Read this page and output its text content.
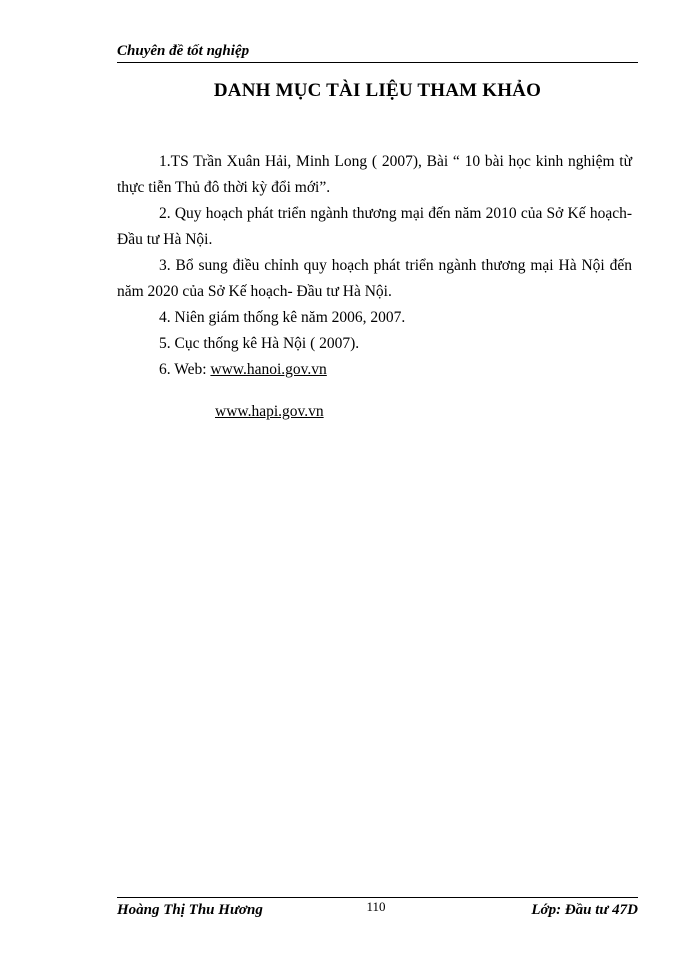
Chuyên đề tốt nghiệp
DANH MỤC TÀI LIỆU THAM KHẢO

1.TS Trần Xuân Hải, Minh Long ( 2007), Bài “ 10 bài học kinh nghiệm từ thực tiễn Thủ đô thời kỳ đổi mới”.

2. Quy hoạch phát triển ngành thương mại đến năm 2010 của Sở Kế hoạch- Đầu tư Hà Nội.

3. Bổ sung điều chỉnh quy hoạch phát triển ngành thương mại Hà Nội đến năm 2020 của Sở Kế hoạch- Đầu tư Hà Nội.

4. Niên giám thống kê năm 2006, 2007.

5. Cục thống kê Hà Nội ( 2007).

6. Web: www.hanoi.gov.vn

www.hapi.gov.vn

Hoàng Thị Thu Hương	110	Lớp: Đầu tư 47D
